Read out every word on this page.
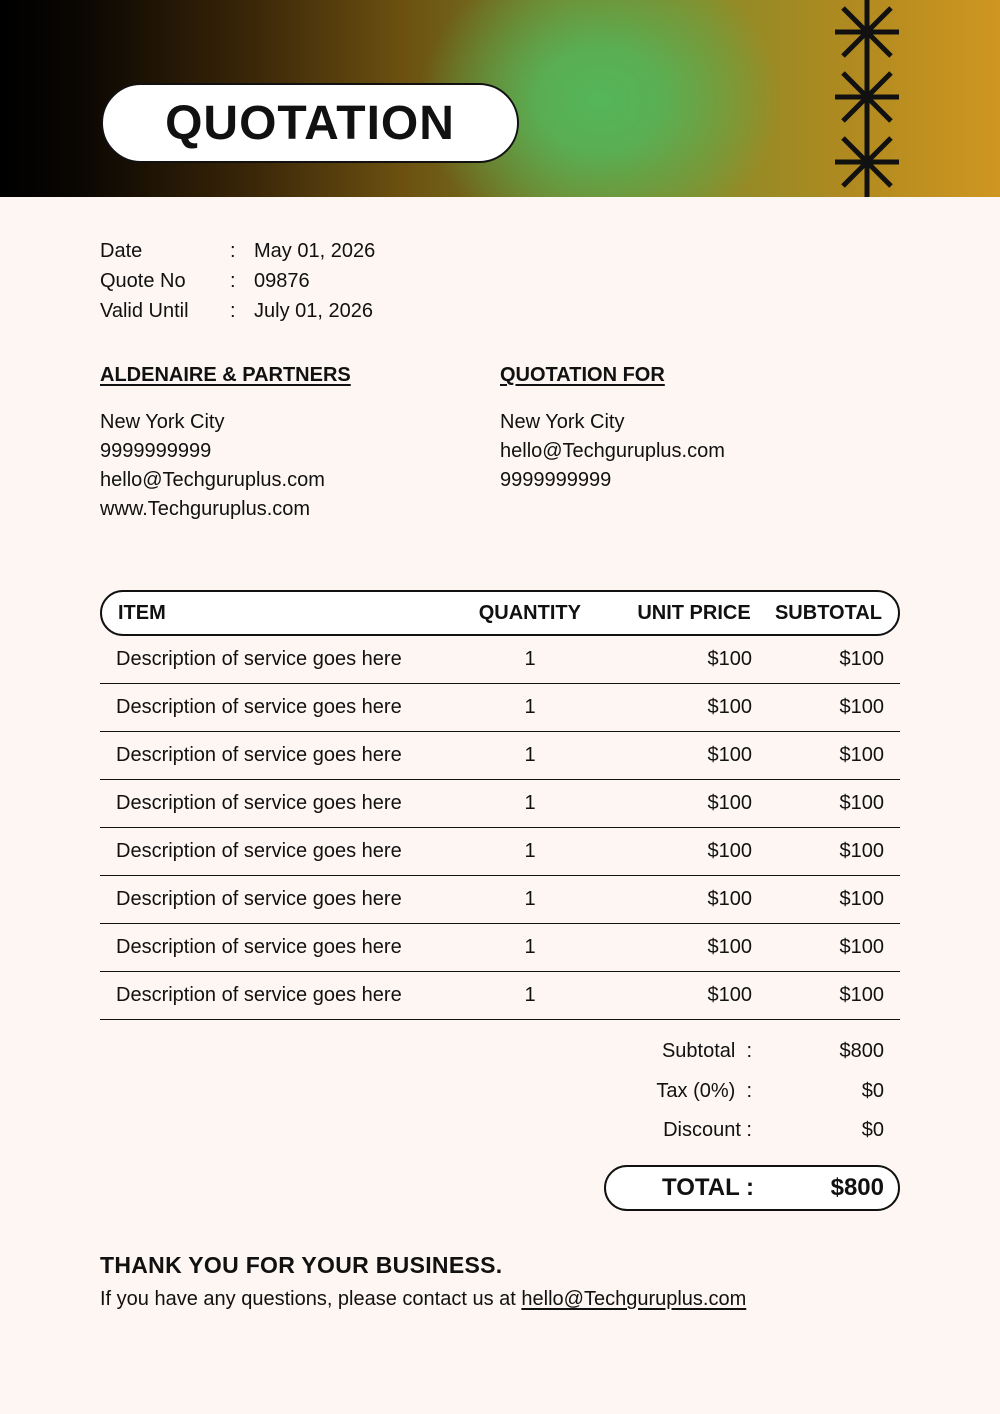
QUOTATION
Date	: May 01, 2026
Quote No	: 09876
Valid Until	: July 01, 2026
ALDENAIRE & PARTNERS
New York City
9999999999
hello@Techguruplus.com
www.Techguruplus.com
QUOTATION FOR
New York City
hello@Techguruplus.com
9999999999
ITEM	QUANTITY	UNIT PRICE	SUBTOTAL
Description of service goes here	1	$100	$100
Description of service goes here	1	$100	$100
Description of service goes here	1	$100	$100
Description of service goes here	1	$100	$100
Description of service goes here	1	$100	$100
Description of service goes here	1	$100	$100
Description of service goes here	1	$100	$100
Description of service goes here	1	$100	$100
Subtotal  :	$800
Tax (0%)  :	$0
Discount :	$0
TOTAL :	$800
THANK YOU FOR YOUR BUSINESS.
If you have any questions, please contact us at hello@Techguruplus.com
